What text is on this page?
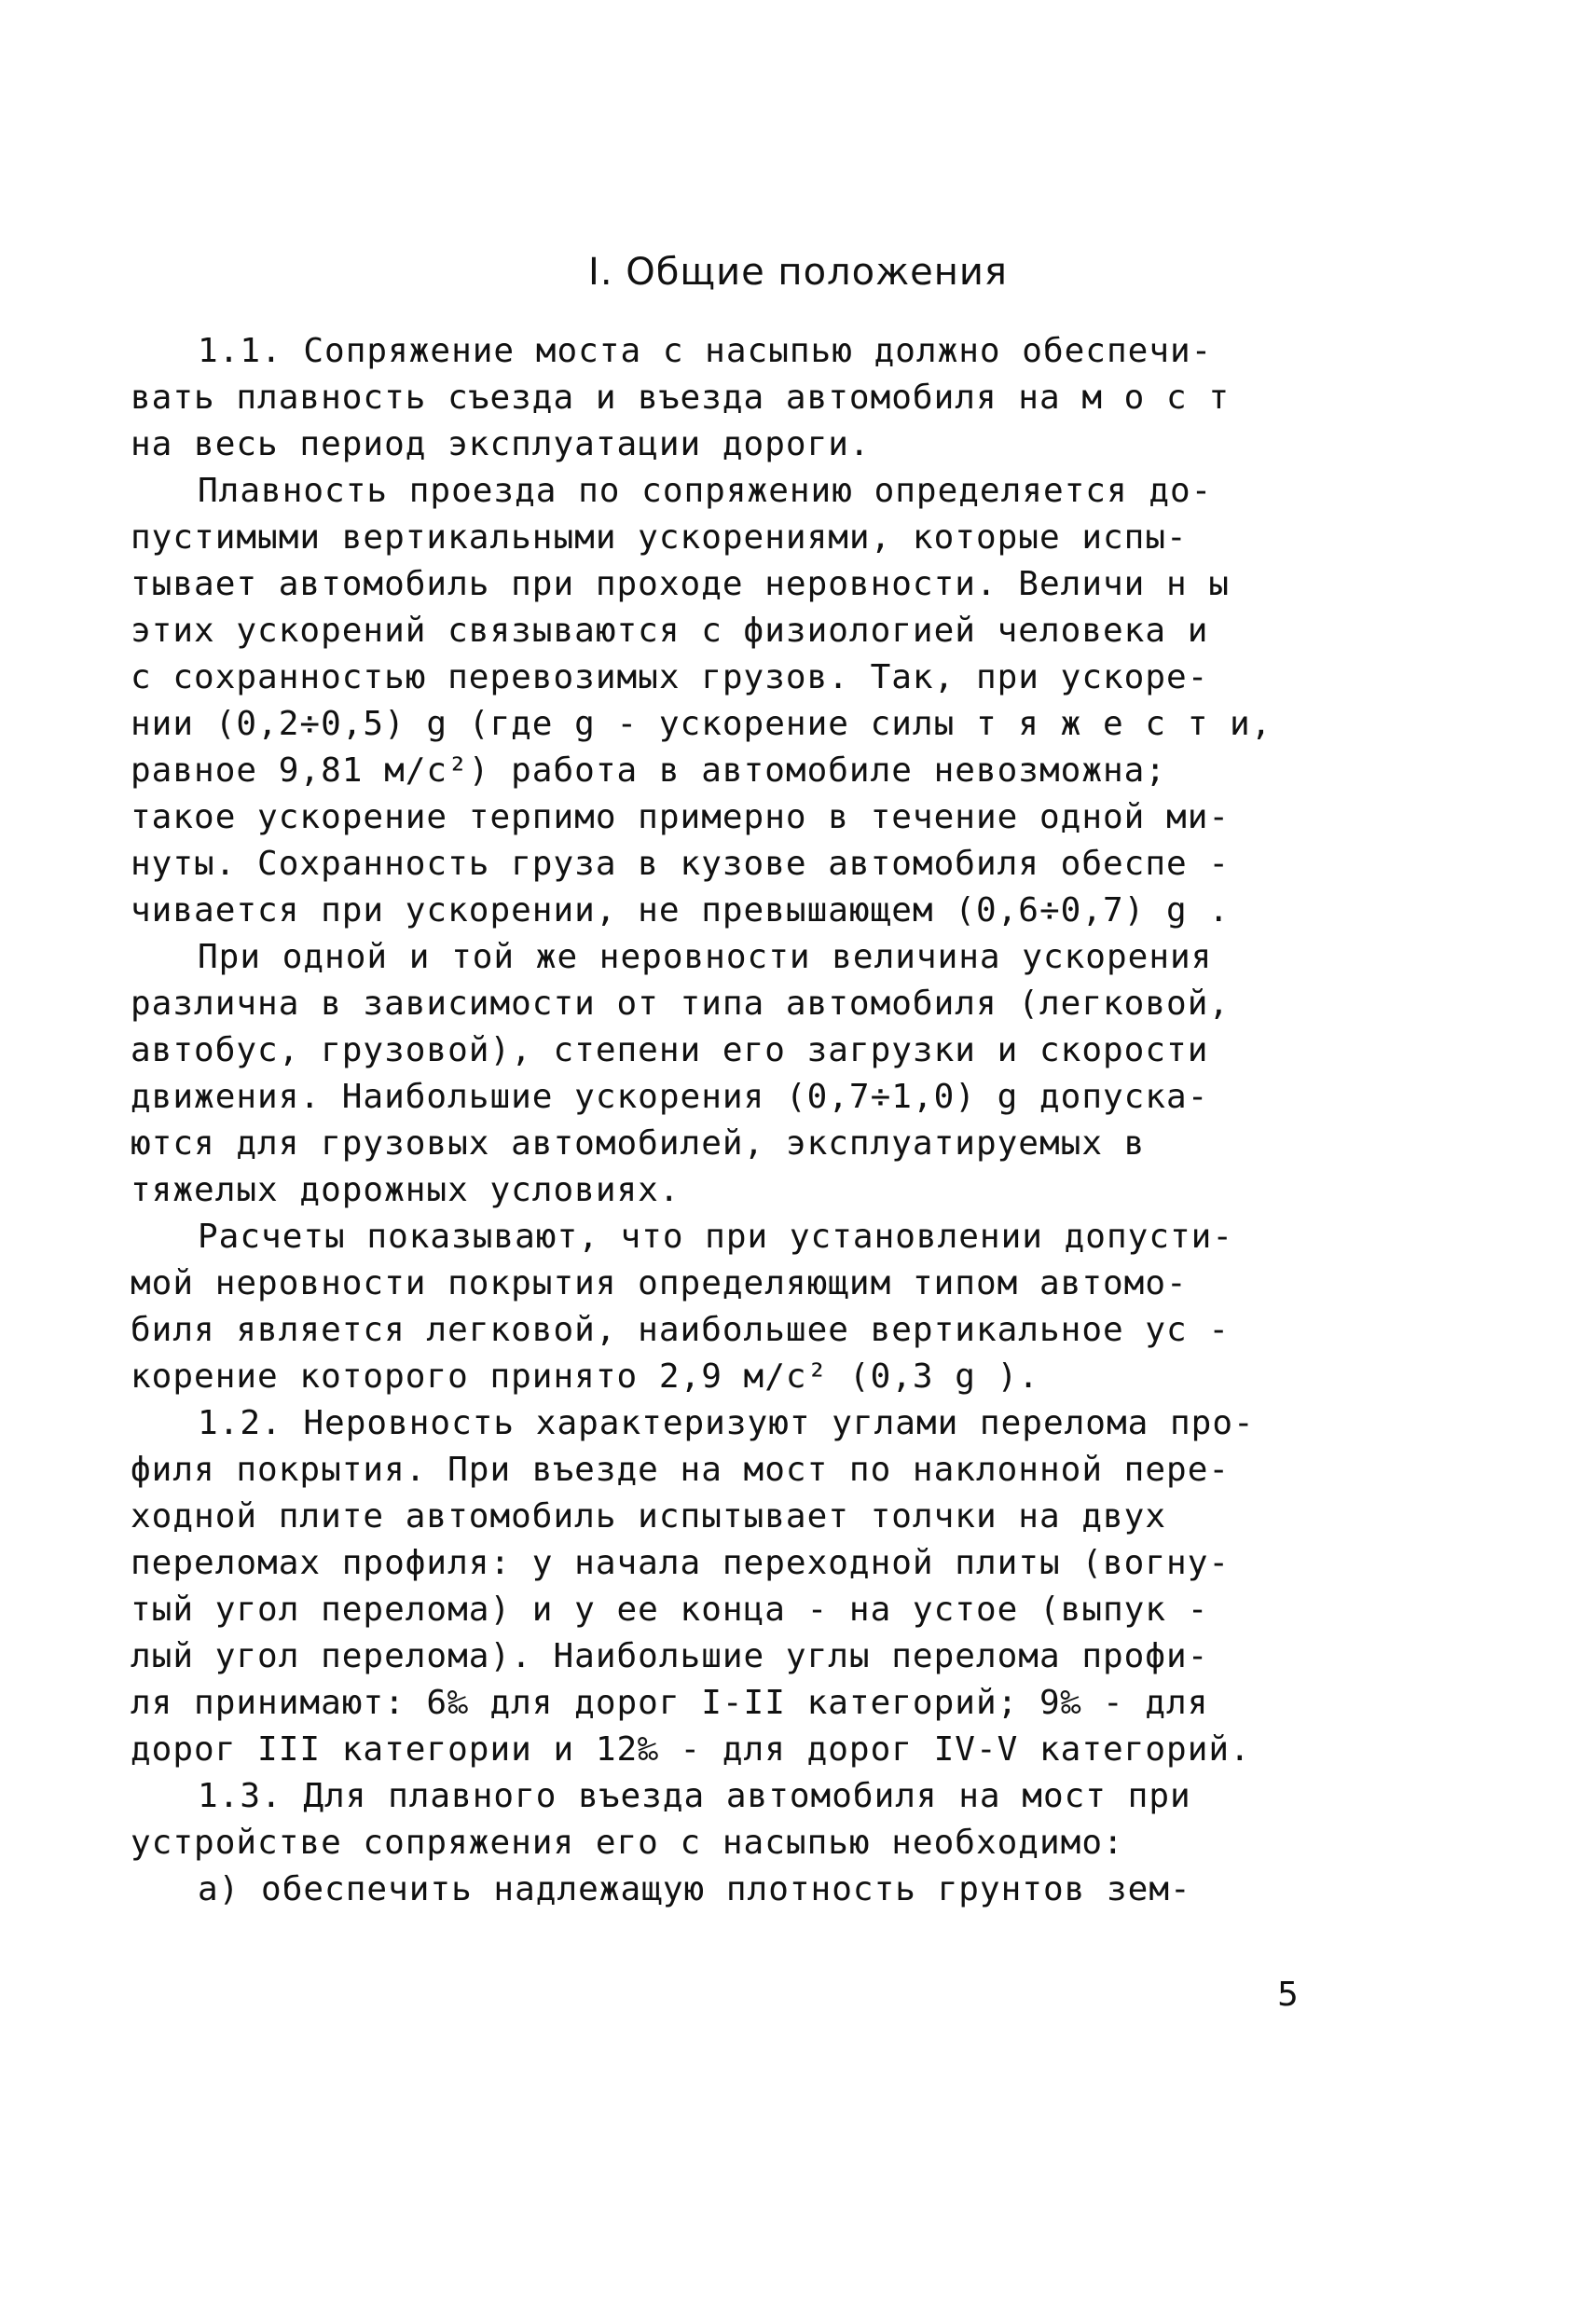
I. Общие положения
1.1. Сопряжение моста с насыпью должно обеспечи-
вать плавность съезда и въезда автомобиля на м о с т
на весь период эксплуатации дороги.
Плавность проезда по сопряжению определяется до-
пустимыми вертикальными ускорениями, которые испы-
тывает автомобиль при проходе неровности. Величи н ы
этих ускорений связываются с физиологией человека и
с сохранностью перевозимых грузов. Так, при ускоре-
нии (0,2÷0,5) g (где g - ускорение силы т я ж е с т и,
равное 9,81 м/с²) работа в автомобиле невозможна;
такое ускорение терпимо примерно в течение одной ми-
нуты. Сохранность груза в кузове автомобиля обеспе -
чивается при ускорении, не превышающем (0,6÷0,7) g .
При одной и той же неровности величина ускорения
различна в зависимости от типа автомобиля (легковой,
автобус, грузовой), степени его загрузки и скорости
движения. Наибольшие ускорения (0,7÷1,0) g допуска-
ются для грузовых автомобилей, эксплуатируемых в
тяжелых дорожных условиях.
Расчеты показывают, что при установлении допусти-
мой неровности покрытия определяющим типом автомо-
биля является легковой, наибольшее вертикальное ус -
корение которого принято 2,9 м/с² (0,3 g ).
1.2. Неровность характеризуют углами перелома про-
филя покрытия. При въезде на мост по наклонной пере-
ходной плите автомобиль испытывает толчки на двух
переломах профиля: у начала переходной плиты (вогну-
тый угол перелома) и у ее конца - на устое (выпук -
лый угол перелома). Наибольшие углы перелома профи-
ля принимают: 6‰ для дорог I-II категорий; 9‰ - для
дорог III категории и 12‰ - для дорог IV-V категорий.
1.3. Для плавного въезда автомобиля на мост при
устройстве сопряжения его с насыпью необходимо:
а) обеспечить надлежащую плотность грунтов зем-
5
